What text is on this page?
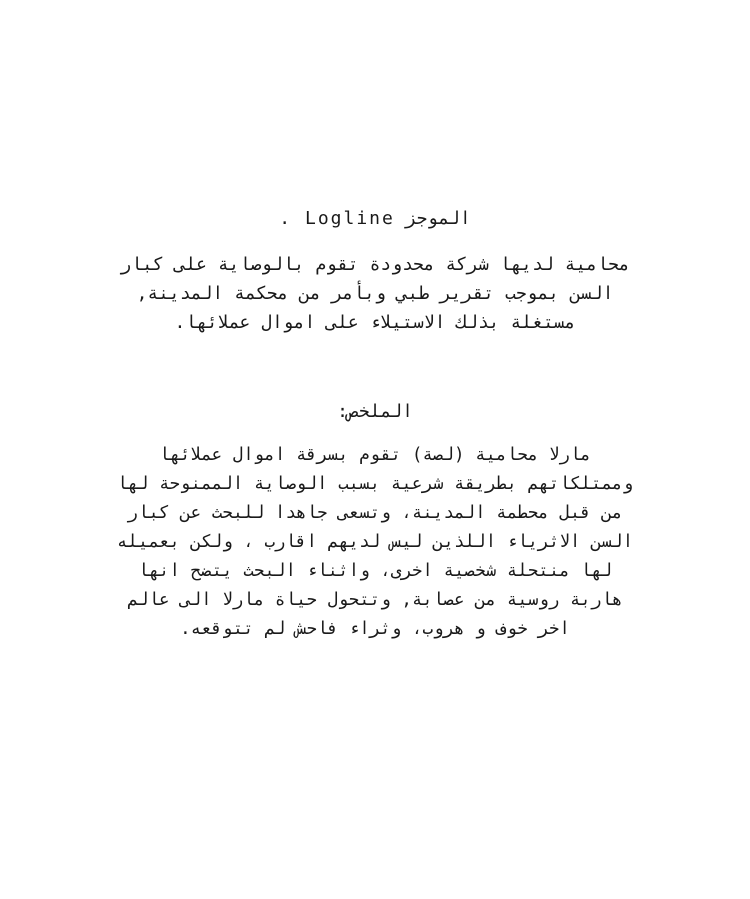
الموجز Logline .
محامية لديها شركة محدودة تقوم بالوصاية على كبار
السن بموجب تقرير طبي وبأمر من محكمة المدينة,
مستغلة بذلك الاستيلاء على اموال عملائها.
الملخص:
مارلا محامية (لصة) تقوم بسرقة اموال عملائها
وممتلكاتهم بطريقة شرعية بسبب الوصاية الممنوحة لها
من قبل محطمة المدينة، وتسعى جاهدا للبحث عن كبار
السن الاثرياء اللذين ليس لديهم اقارب ، ولكن بعميله
لها منتحلة شخصية اخرى، واثناء البحث يتضح انها
هاربة روسية من عصابة, وتتحول حياة مارلا الى عالم
اخر خوف و هروب، وثراء فاحش لم تتوقعه.
